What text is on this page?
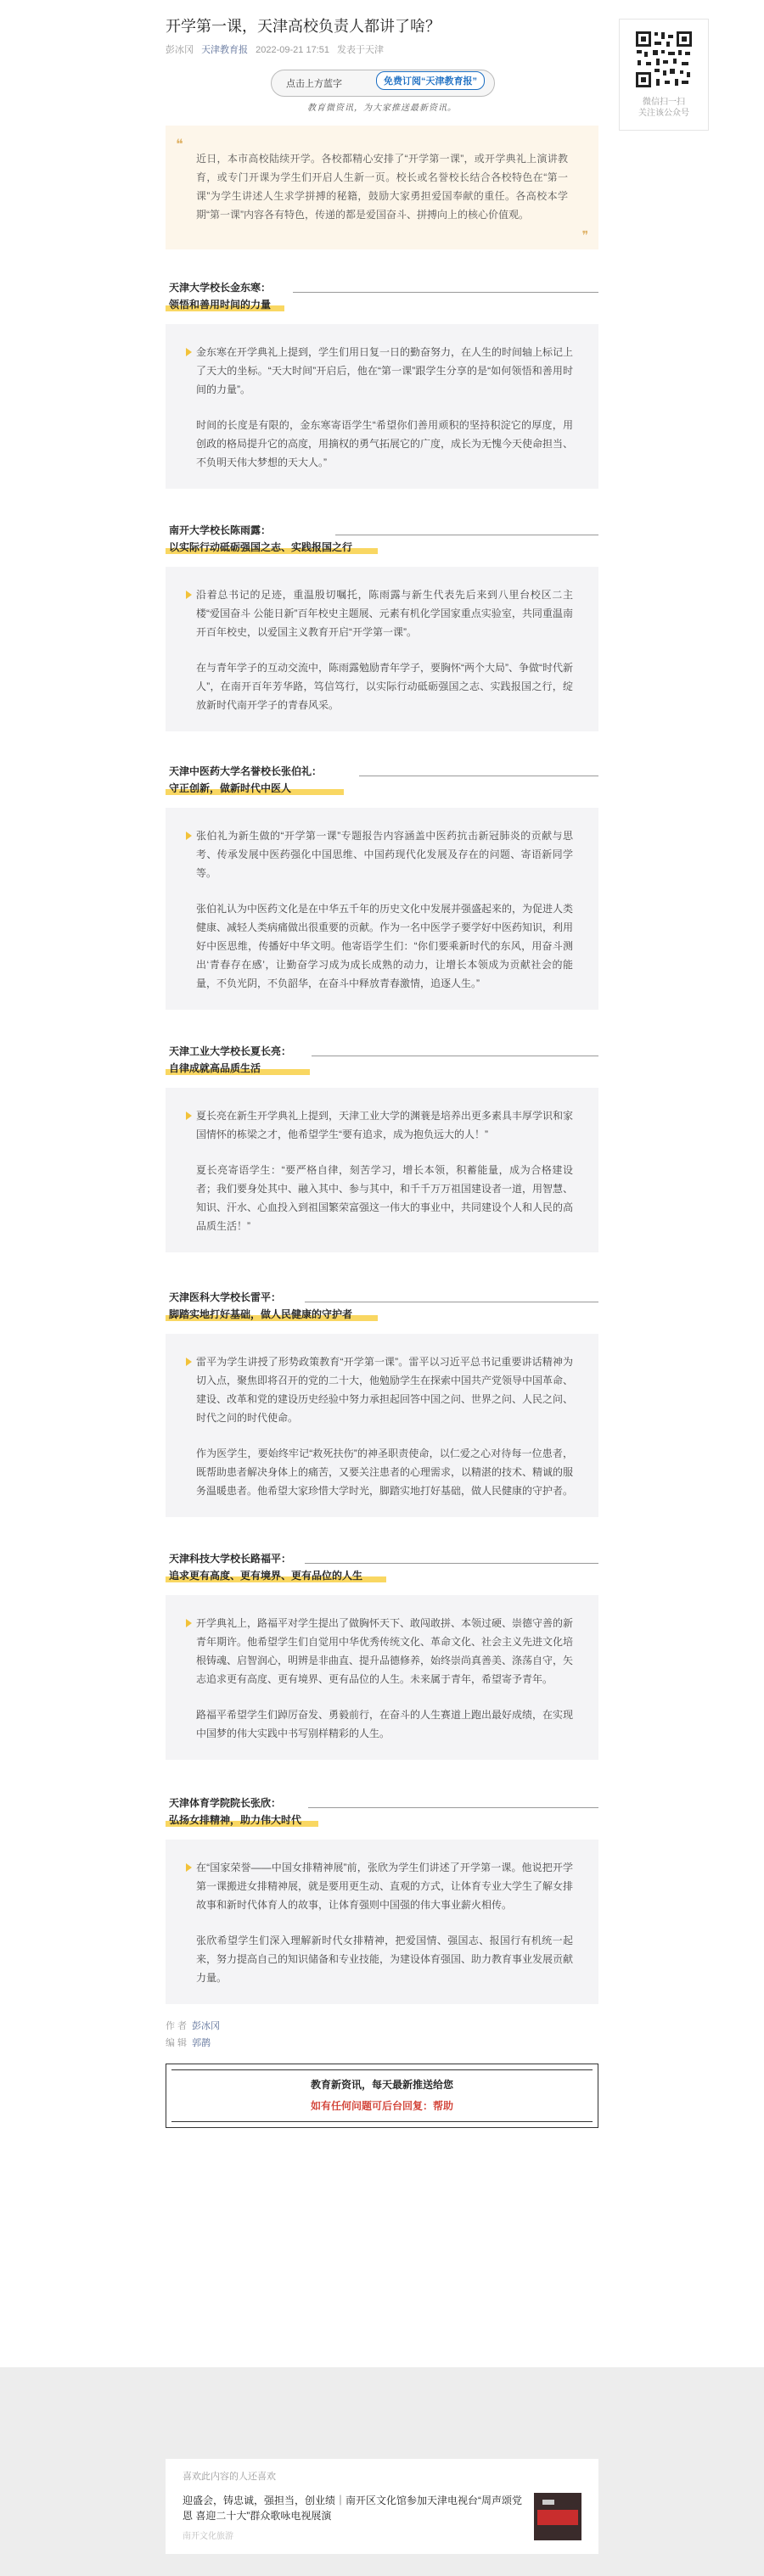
开学第一课，天津高校负责人都讲了啥？
彭冰冈 天津教育报 2022-09-21 17:51 发表于天津
点击上方蓝字	免费订阅“天津教育报”
教育微资讯，为大家推送最新资讯。
❝

近日，本市高校陆续开学。各校都精心安排了“开学第一课”，或开学典礼上演讲教育，或专门开课为学生们开启人生新一页。校长或名誉校长结合各校特色在“第一课”为学生讲述人生求学拼搏的秘籍，鼓励大家勇担爱国奉献的重任。各高校本学期“第一课”内容各有特色，传递的都是爱国奋斗、拼搏向上的核心价值观。

❞
天津大学校长金东寒：
领悟和善用时间的力量

金东寒在开学典礼上提到，学生们用日复一日的勤奋努力，在人生的时间轴上标记上了天大的坐标。“天大时间”开启后，他在“第一课”跟学生分享的是“如何领悟和善用时间的力量”。

时间的长度是有限的，金东寒寄语学生“希望你们善用顽积的坚持积淀它的厚度，用创政的格局提升它的高度，用摘权的勇气拓展它的广度，成长为无愧今天使命担当、不负明天伟大梦想的天大人。”

南开大学校长陈雨露：
以实际行动砥砺强国之志、实践报国之行

沿着总书记的足迹，重温殷切嘱托，陈雨露与新生代表先后来到八里台校区二主楼“爱国奋斗 公能日新”百年校史主题展、元素有机化学国家重点实验室，共同重温南开百年校史，以爱国主义教育开启“开学第一课”。

在与青年学子的互动交流中，陈雨露勉励青年学子，要胸怀“两个大局”、争做“时代新人”，在南开百年芳华路，笃信笃行，以实际行动砥砺强国之志、实践报国之行，绽放新时代南开学子的青春风采。

天津中医药大学名誉校长张伯礼：
守正创新，做新时代中医人

张伯礼为新生做的“开学第一课”专题报告内容涵盖中医药抗击新冠肺炎的贡献与思考、传承发展中医药强化中国思维、中国药现代化发展及存在的问题、寄语新同学等。

张伯礼认为中医药文化是在中华五千年的历史文化中发展并强盛起来的，为促进人类健康、减轻人类病痛做出很重要的贡献。作为一名中医学子要学好中医药知识，利用好中医思维，传播好中华文明。他寄语学生们：“你们要乘新时代的东风，用奋斗测出‘青春存在感’，让勤奋学习成为成长成熟的动力，让增长本领成为贡献社会的能量，不负光阴，不负韶华，在奋斗中释放青春激情，追逐人生。”

天津工业大学校长夏长亮：
自律成就高品质生活

夏长亮在新生开学典礼上提到，天津工业大学的渊蓑是培养出更多素具丰厚学识和家国情怀的栋梁之才，他希望学生“要有追求，成为抱负远大的人！”

夏长亮寄语学生：“要严格自律，刻苦学习，增长本领，积蓄能量，成为合格建设者；我们要身处其中、融入其中、参与其中，和千千万万祖国建设者一道，用智慧、知识、汗水、心血投入到祖国繁荣富强这一伟大的事业中，共同建设个人和人民的高品质生活！”

天津医科大学校长雷平：
脚踏实地打好基础，做人民健康的守护者

雷平为学生讲授了形势政策教育“开学第一课”。雷平以习近平总书记重要讲话精神为切入点，聚焦即将召开的党的二十大，他勉励学生在探索中国共产党领导中国革命、建设、改革和党的建设历史经验中努力承担起回答中国之问、世界之问、人民之问、时代之问的时代使命。

作为医学生，要始终牢记“救死扶伤”的神圣职责使命，以仁爱之心对待每一位患者，既帮助患者解决身体上的痛苦，又要关注患者的心理需求，以精湛的技术、精诚的服务温暖患者。他希望大家珍惜大学时光，脚踏实地打好基础，做人民健康的守护者。

天津科技大学校长路福平：
追求更有高度、更有境界、更有品位的人生

开学典礼上，路福平对学生提出了做胸怀天下、敢闯敢拼、本领过硬、崇德守善的新青年期许。他希望学生们自觉用中华优秀传统文化、革命文化、社会主义先进文化培根铸魂、启智润心，明辨是非曲直、提升品德修养，始终崇尚真善美、涤荡自守，矢志追求更有高度、更有境界、更有品位的人生。未来属于青年，希望寄予青年。

路福平希望学生们踔厉奋发、勇毅前行，在奋斗的人生赛道上跑出最好成绩，在实现中国梦的伟大实践中书写别样精彩的人生。

天津体育学院院长张欣：
弘扬女排精神，助力伟大时代

在“国家荣誉——中国女排精神展”前，张欣为学生们讲述了开学第一课。他说把开学第一课搬进女排精神展，就是要用更生动、直观的方式，让体育专业大学生了解女排故事和新时代体育人的故事，让体育强则中国强的伟大事业薪火相传。

张欣希望学生们深入理解新时代女排精神，把爱国情、强国志、报国行有机统一起来，努力提高自己的知识储备和专业技能，为建设体育强国、助力教育事业发展贡献力量。

作 者 彭冰冈
编 辑 郭鹊
教育新资讯，每天最新推送给您
如有任何问题可后台回复：帮助
微信扫一扫
关注该公众号
喜欢此内容的人还喜欢
迎盛会，铸忠诚，强担当，创业绩｜南开区文化馆参加天津电视台“周声颂党恩 喜迎二十大”群众歌咏电视展演
南开文化旅游
